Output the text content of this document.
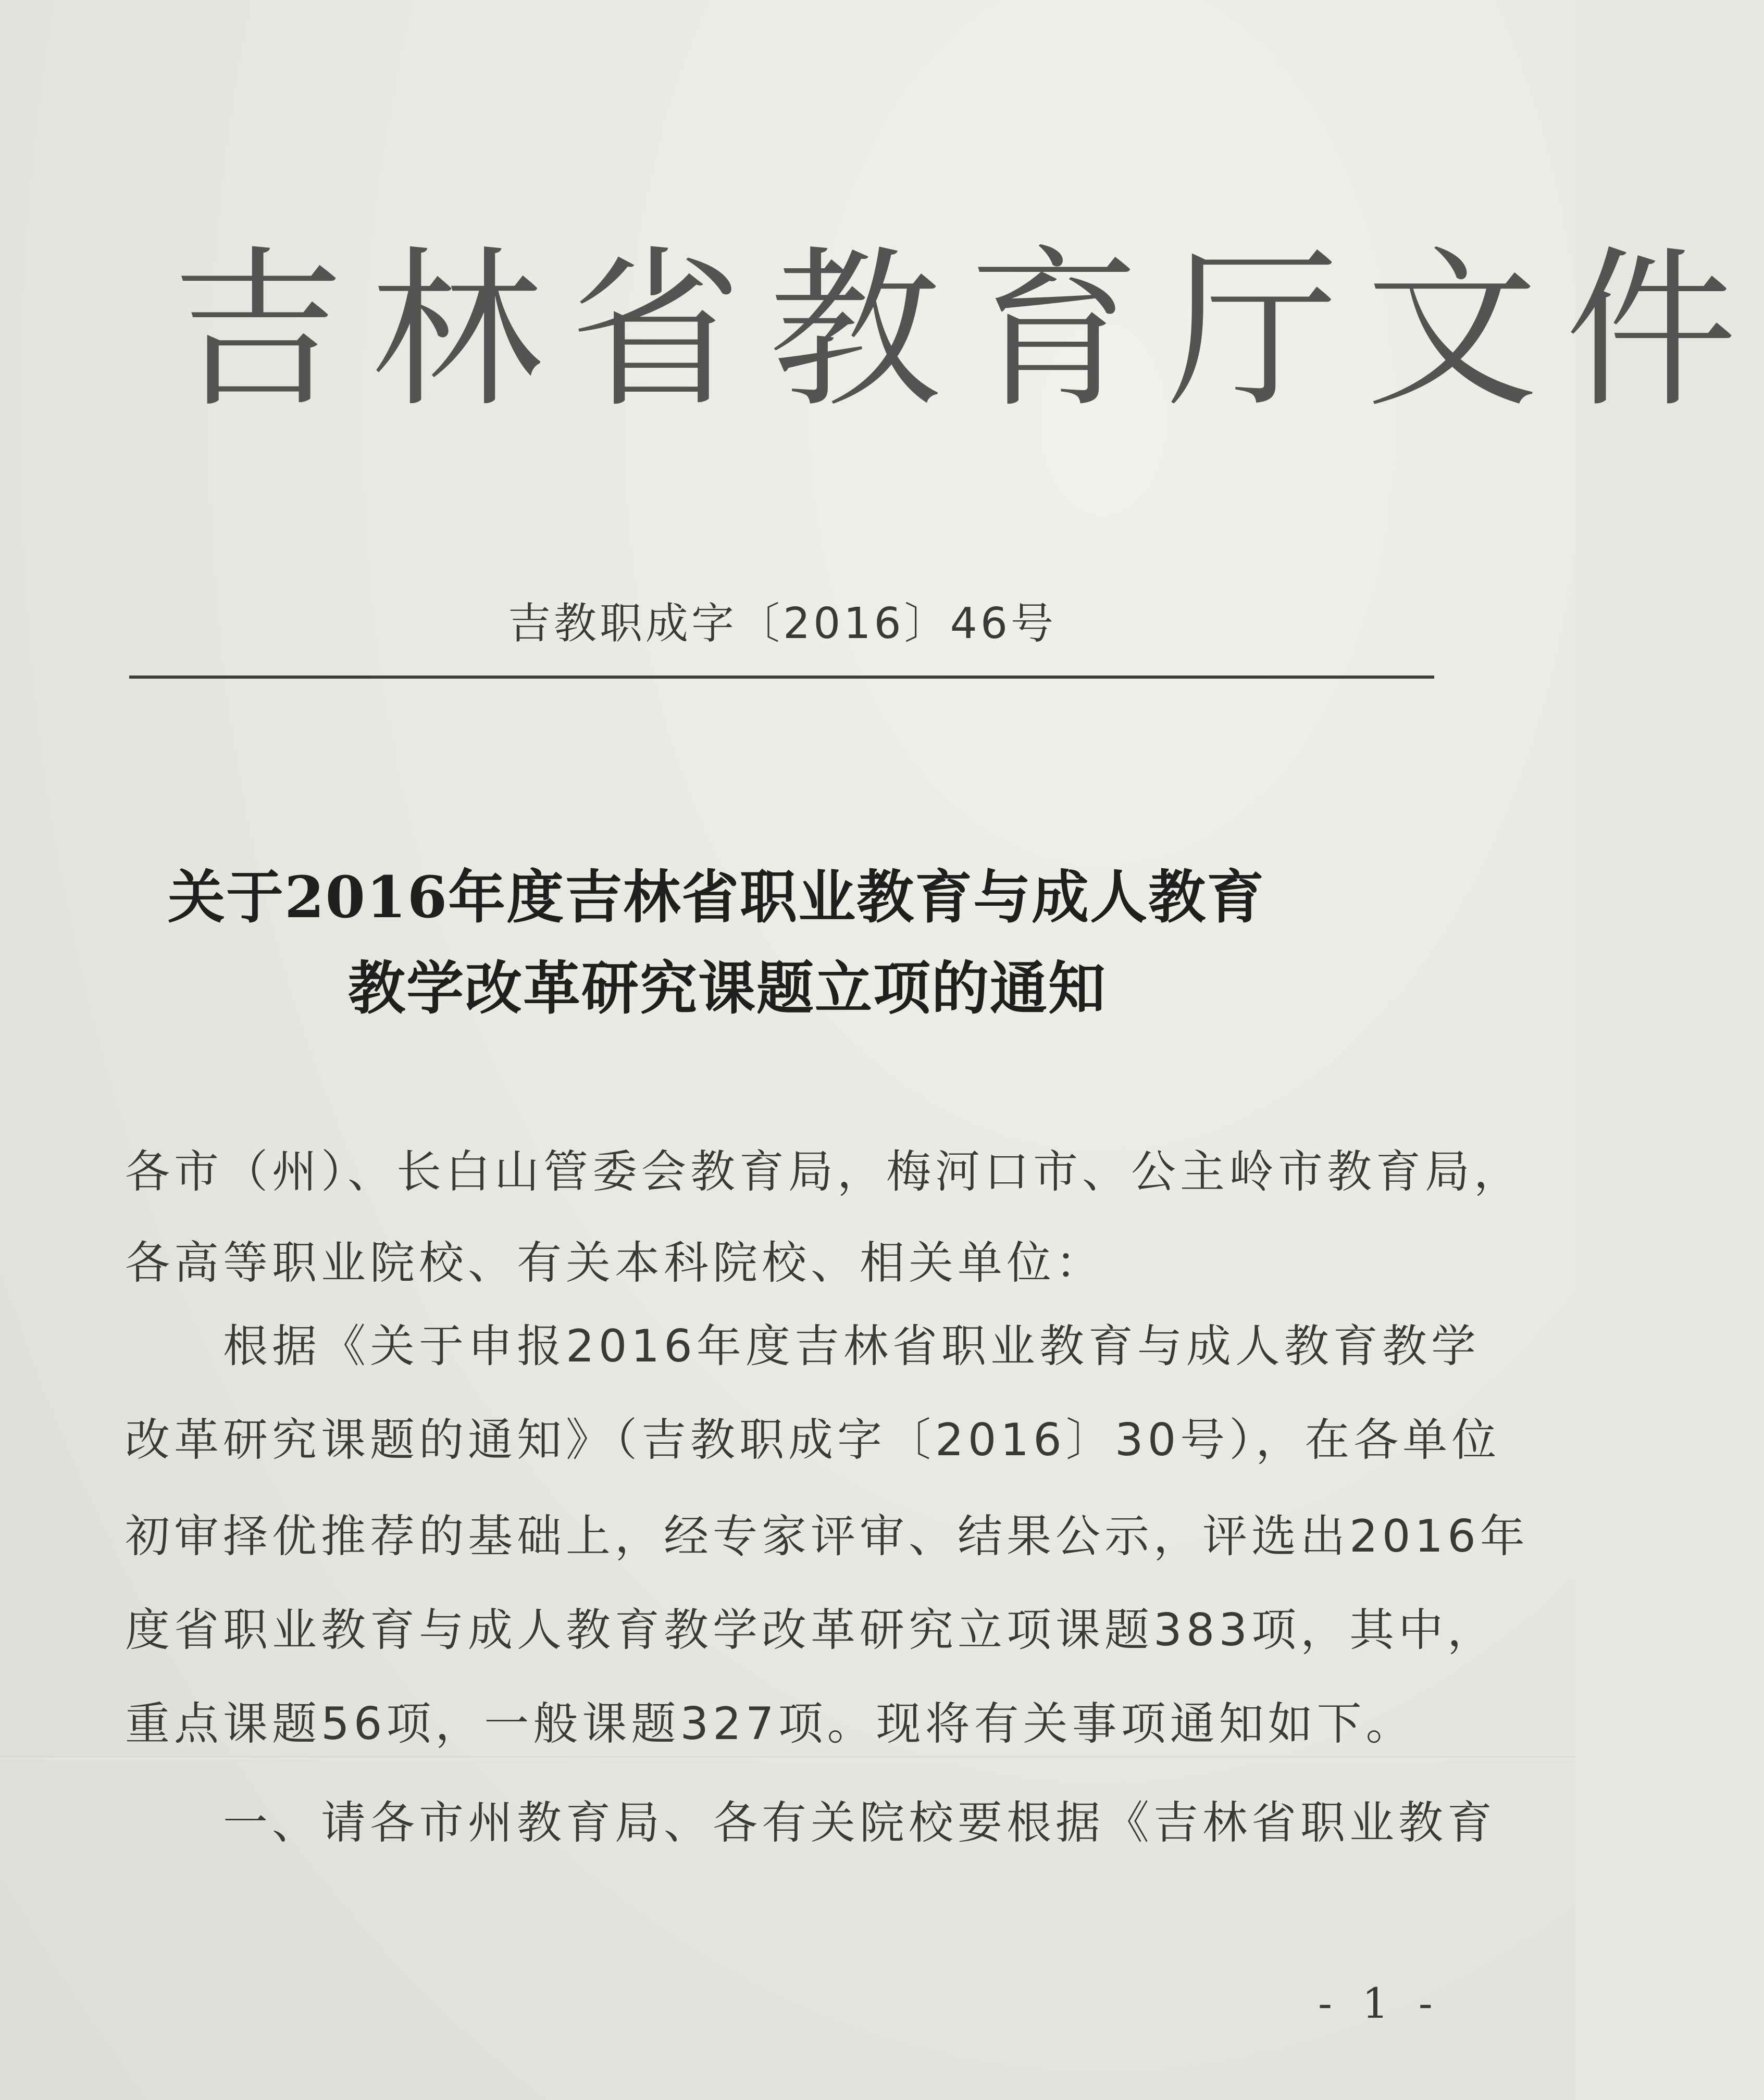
吉林省教育厅文件
吉教职成字〔2016〕46号
关于2016年度吉林省职业教育与成人教育
教学改革研究课题立项的通知
各市（州）、长白山管委会教育局，梅河口市、公主岭市教育局，
各高等职业院校、有关本科院校、相关单位：
　　根据《关于申报2016年度吉林省职业教育与成人教育教学
改革研究课题的通知》（吉教职成字〔2016〕30号），在各单位
初审择优推荐的基础上，经专家评审、结果公示，评选出2016年
度省职业教育与成人教育教学改革研究立项课题383项，其中，
重点课题56项，一般课题327项。现将有关事项通知如下。
　　一、请各市州教育局、各有关院校要根据《吉林省职业教育
- 1 -
